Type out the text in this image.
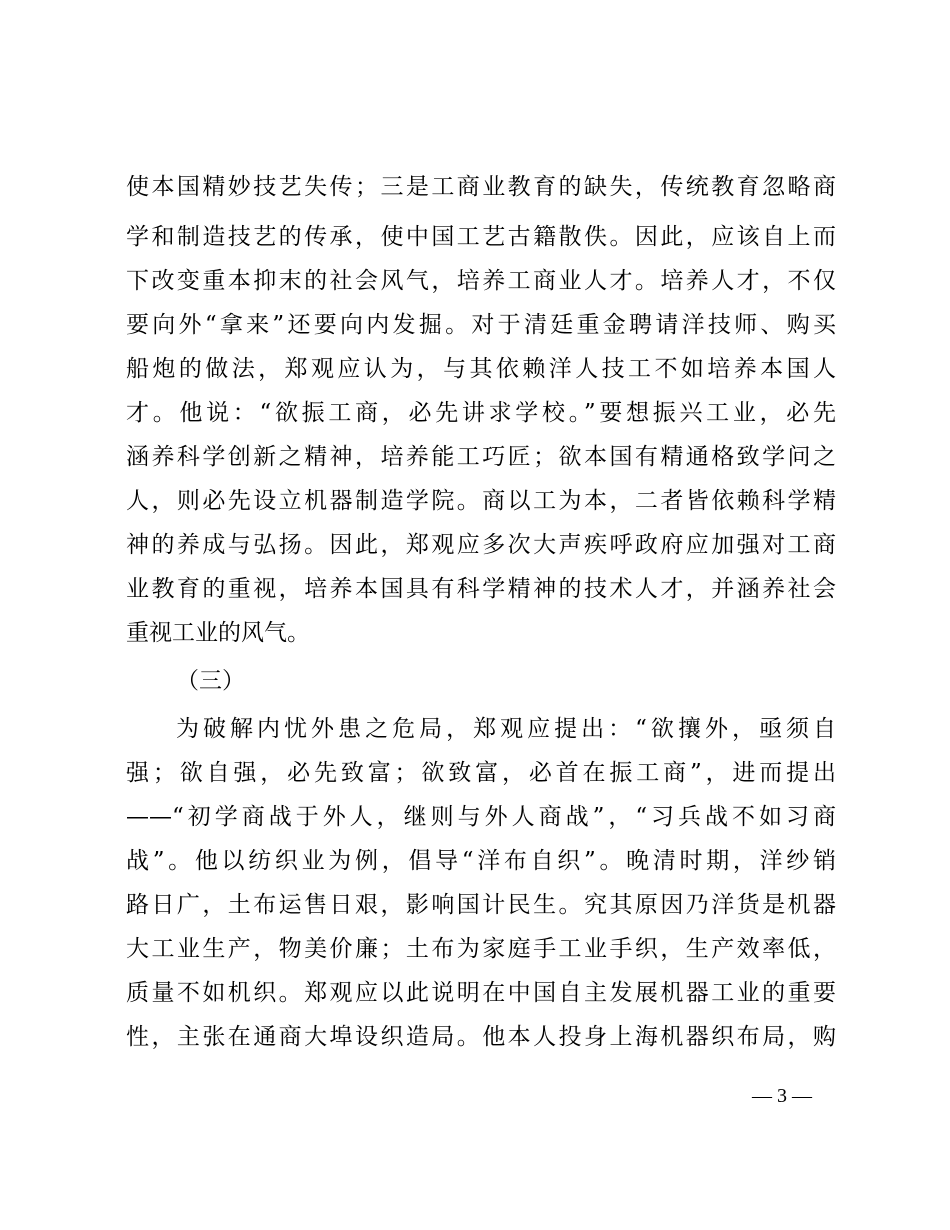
使本国精妙技艺失传；三是工商业教育的缺失，传统教育忽略商
学和制造技艺的传承，使中国工艺古籍散佚。因此，应该自上而
下改变重本抑末的社会风气，培养工商业人才。培养人才，不仅
要向外“拿来”还要向内发掘。对于清廷重金聘请洋技师、购买
船炮的做法，郑观应认为，与其依赖洋人技工不如培养本国人
才。他说：“欲振工商，必先讲求学校。”要想振兴工业，必先
涵养科学创新之精神，培养能工巧匠；欲本国有精通格致学问之
人，则必先设立机器制造学院。商以工为本，二者皆依赖科学精
神的养成与弘扬。因此，郑观应多次大声疾呼政府应加强对工商
业教育的重视，培养本国具有科学精神的技术人才，并涵养社会
重视工业的风气。
（三）
为破解内忧外患之危局，郑观应提出：“欲攘外，亟须自
强；欲自强，必先致富；欲致富，必首在振工商”，进而提出
——“初学商战于外人，继则与外人商战”，“习兵战不如习商
战”。他以纺织业为例，倡导“洋布自织”。晚清时期，洋纱销
路日广，土布运售日艰，影响国计民生。究其原因乃洋货是机器
大工业生产，物美价廉；土布为家庭手工业手织，生产效率低，
质量不如机织。郑观应以此说明在中国自主发展机器工业的重要
性，主张在通商大埠设织造局。他本人投身上海机器织布局，购
— 3 —
